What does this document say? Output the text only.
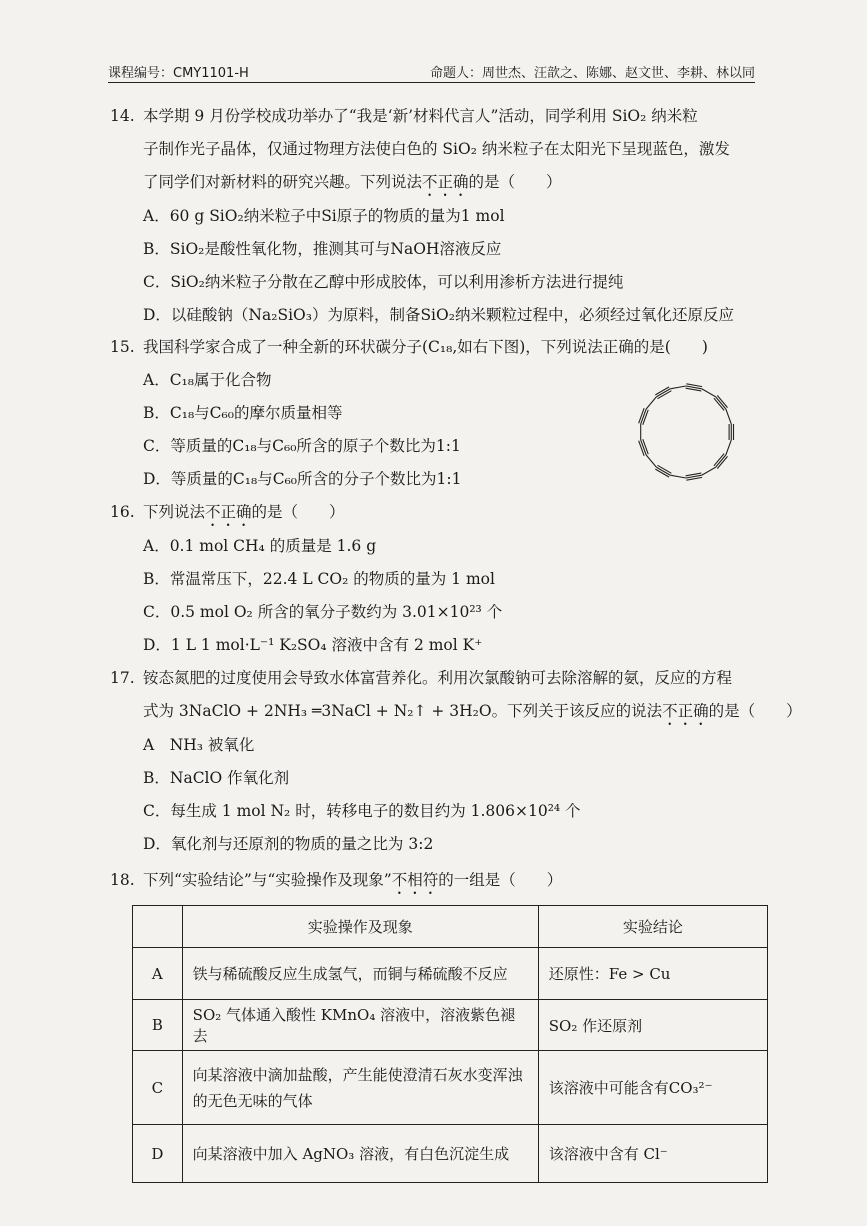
课程编号：CMY1101-H	命题人：周世杰、汪歆之、陈娜、赵文世、李耕、林以同
14. 本学期 9 月份学校成功举办了“我是‘新’材料代言人”活动，同学利用 SiO₂ 纳米粒
子制作光子晶体，仅通过物理方法使白色的 SiO₂ 纳米粒子在太阳光下呈现蓝色，激发
了同学们对新材料的研究兴趣。下列说法不正确的是（　　）
A．60 g SiO₂纳米粒子中Si原子的物质的量为1 mol
B．SiO₂是酸性氧化物，推测其可与NaOH溶液反应
C．SiO₂纳米粒子分散在乙醇中形成胶体，可以利用渗析方法进行提纯
D．以硅酸钠（Na₂SiO₃）为原料，制备SiO₂纳米颗粒过程中，必须经过氧化还原反应
15. 我国科学家合成了一种全新的环状碳分子(C₁₈,如右下图)，下列说法正确的是(　　)
A．C₁₈属于化合物
B．C₁₈与C₆₀的摩尔质量相等
C．等质量的C₁₈与C₆₀所含的原子个数比为1:1
D．等质量的C₁₈与C₆₀所含的分子个数比为1:1
16. 下列说法不正确的是（　　）
A．0.1 mol CH₄ 的质量是 1.6 g
B．常温常压下，22.4 L CO₂ 的物质的量为 1 mol
C．0.5 mol O₂ 所含的氧分子数约为 3.01×10²³ 个
D．1 L 1 mol·L⁻¹ K₂SO₄ 溶液中含有 2 mol K⁺
17. 铵态氮肥的过度使用会导致水体富营养化。利用次氯酸钠可去除溶解的氨，反应的方程
式为 3NaClO + 2NH₃ ═3NaCl + N₂↑ + 3H₂O。下列关于该反应的说法不正确的是（　　）
A　NH₃ 被氧化
B．NaClO 作氧化剂
C．每生成 1 mol N₂ 时，转移电子的数目约为 1.806×10²⁴ 个
D．氧化剂与还原剂的物质的量之比为 3:2
18. 下列“实验结论”与“实验操作及现象”不相符的一组是（　　）
	实验操作及现象	实验结论
A	铁与稀硫酸反应生成氢气，而铜与稀硫酸不反应	还原性：Fe > Cu
B	SO₂ 气体通入酸性 KMnO₄ 溶液中，溶液紫色褪去	SO₂ 作还原剂
C	向某溶液中滴加盐酸，产生能使澄清石灰水变浑浊的无色无味的气体	该溶液中可能含有CO₃²⁻
D	向某溶液中加入 AgNO₃ 溶液，有白色沉淀生成	该溶液中含有 Cl⁻
